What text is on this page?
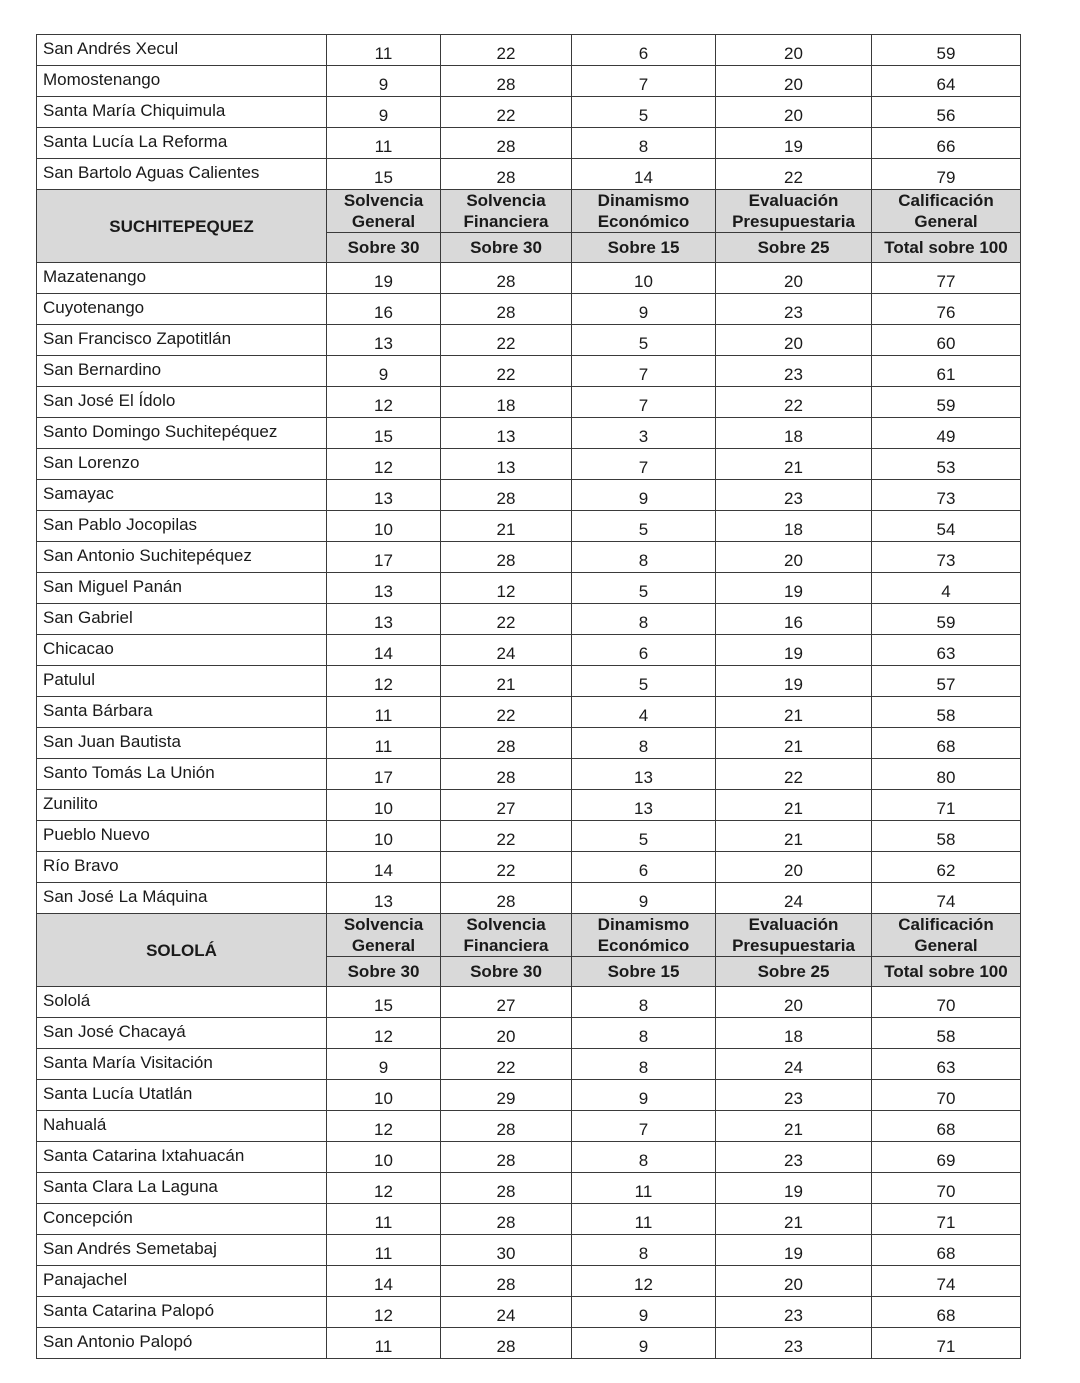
San Andrés Xecul	11	22	6	20	59
Momostenango	9	28	7	20	64
Santa María Chiquimula	9	22	5	20	56
Santa Lucía La Reforma	11	28	8	19	66
San Bartolo Aguas Calientes	15	28	14	22	79
SUCHITEPEQUEZ	Solvencia General	Solvencia Financiera	Dinamismo Económico	Evaluación Presupuestaria	Calificación General
	Sobre 30	Sobre 30	Sobre 15	Sobre 25	Total sobre 100
Mazatenango	19	28	10	20	77
Cuyotenango	16	28	9	23	76
San Francisco Zapotitlán	13	22	5	20	60
San Bernardino	9	22	7	23	61
San José El Ídolo	12	18	7	22	59
Santo Domingo Suchitepéquez	15	13	3	18	49
San Lorenzo	12	13	7	21	53
Samayac	13	28	9	23	73
San Pablo Jocopilas	10	21	5	18	54
San Antonio Suchitepéquez	17	28	8	20	73
San Miguel Panán	13	12	5	19	4
San Gabriel	13	22	8	16	59
Chicacao	14	24	6	19	63
Patulul	12	21	5	19	57
Santa Bárbara	11	22	4	21	58
San Juan Bautista	11	28	8	21	68
Santo Tomás La Unión	17	28	13	22	80
Zunilito	10	27	13	21	71
Pueblo Nuevo	10	22	5	21	58
Río Bravo	14	22	6	20	62
San José La Máquina	13	28	9	24	74
SOLOLÁ	Solvencia General	Solvencia Financiera	Dinamismo Económico	Evaluación Presupuestaria	Calificación General
	Sobre 30	Sobre 30	Sobre 15	Sobre 25	Total sobre 100
Sololá	15	27	8	20	70
San José Chacayá	12	20	8	18	58
Santa María Visitación	9	22	8	24	63
Santa Lucía Utatlán	10	29	9	23	70
Nahualá	12	28	7	21	68
Santa Catarina Ixtahuacán	10	28	8	23	69
Santa Clara La Laguna	12	28	11	19	70
Concepción	11	28	11	21	71
San Andrés Semetabaj	11	30	8	19	68
Panajachel	14	28	12	20	74
Santa Catarina Palopó	12	24	9	23	68
San Antonio Palopó	11	28	9	23	71
